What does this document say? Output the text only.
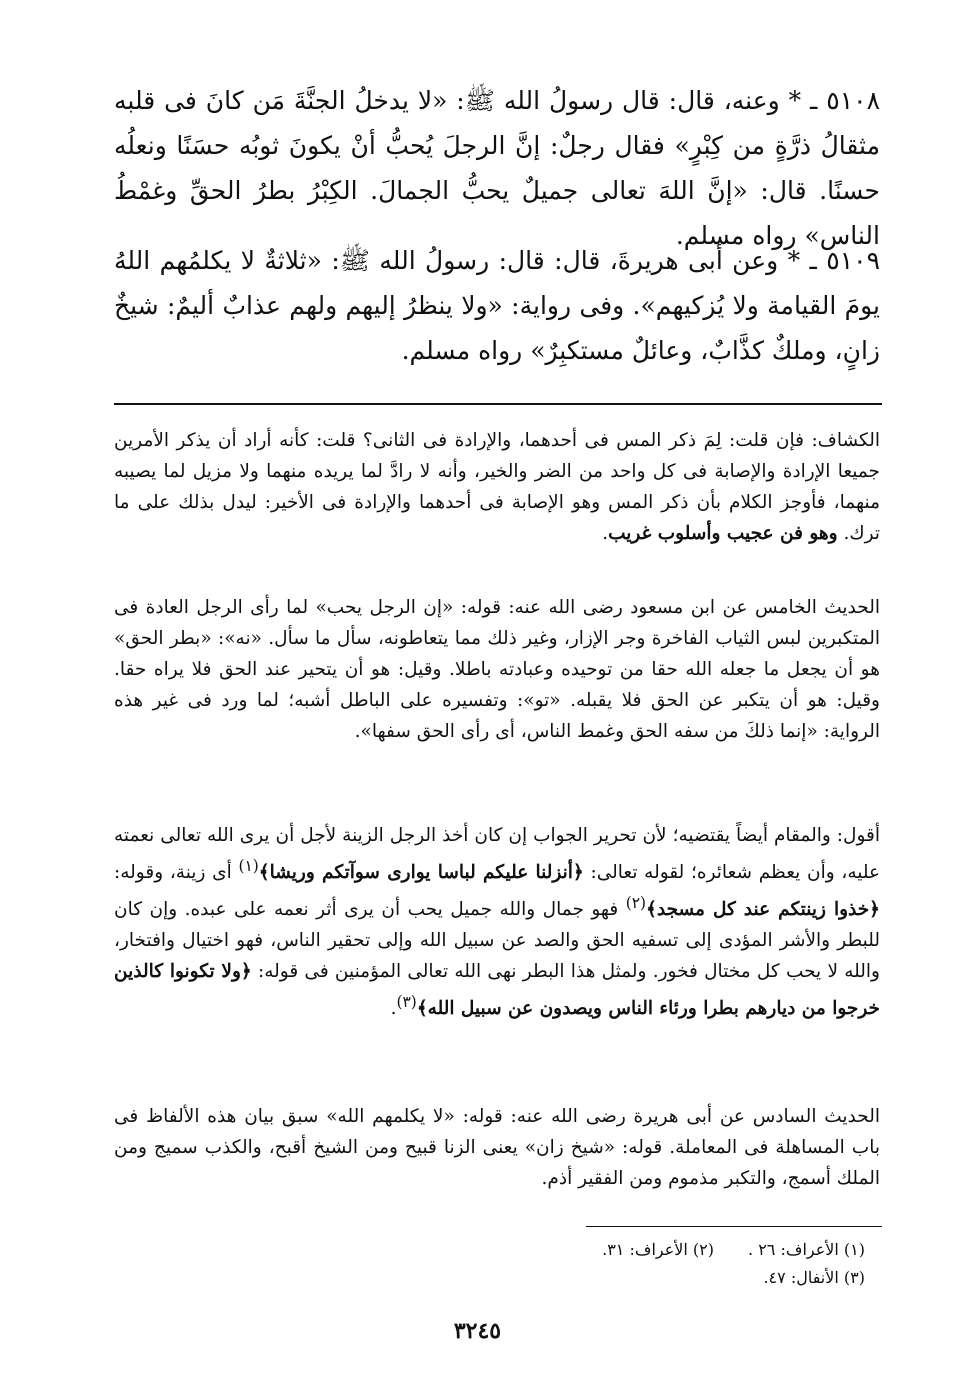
٥١٠٨ ـ * وعنه، قال: قال رسولُ الله ﷺ: «لا يدخلُ الجنَّةَ مَن كانَ فى قلبه مثقالُ ذرَّةٍ من كِبْرٍ» فقال رجلٌ: إنَّ الرجلَ يُحبُّ أنْ يكونَ ثوبُه حسَنًا ونعلُه حسنًا. قال: «إنَّ اللهَ تعالى جميلٌ يحبُّ الجمالَ. الكِبْرُ بطرُ الحقِّ وغمْطُ الناس» رواه مسلم.

٥١٠٩ ـ * وعن أبى هريرةَ، قال: قال: رسولُ الله ﷺ: «ثلاثةٌ لا يكلمُهم اللهُ يومَ القيامة ولا يُزكيهم». وفى رواية: «ولا ينظرُ إليهم ولهم عذابٌ أليمٌ: شيخٌ زانٍ، وملكٌ كذَّابٌ، وعائلٌ مستكبِرٌ» رواه مسلم.

الكشاف: فإن قلت: لِمَ ذكر المس فى أحدهما، والإرادة فى الثانى؟ قلت: كأنه أراد أن يذكر الأمرين جميعا الإرادة والإصابة فى كل واحد من الضر والخير، وأنه لا رادَّ لما يريده منهما ولا مزيل لما يصيبه منهما، فأوجز الكلام بأن ذكر المس وهو الإصابة فى أحدهما والإرادة فى الأخير: ليدل بذلك على ما ترك. وهو فن عجيب وأسلوب غريب.

الحديث الخامس عن ابن مسعود رضى الله عنه: قوله: «إن الرجل يحب» لما رأى الرجل العادة فى المتكبرين لبس الثياب الفاخرة وجر الإزار، وغير ذلك مما يتعاطونه، سأل ما سأل. «نه»: «بطر الحق» هو أن يجعل ما جعله الله حقا من توحيده وعبادته باطلا. وقيل: هو أن يتحير عند الحق فلا يراه حقا. وقيل: هو أن يتكبر عن الحق فلا يقبله. «تو»: وتفسيره على الباطل أشبه؛ لما ورد فى غير هذه الرواية: «إنما ذلكَ من سفه الحق وغمط الناس، أى رأى الحق سفها».

أقول: والمقام أيضاً يقتضيه؛ لأن تحرير الجواب إن كان أخذ الرجل الزينة لأجل أن يرى الله تعالى نعمته عليه، وأن يعظم شعائره؛ لقوله تعالى: ﴿أنزلنا عليكم لباسا يوارى سوآتكم وريشا﴾$^{(١)}$ أى زينة، وقوله: ﴿خذوا زينتكم عند كل مسجد﴾$^{(٢)}$ فهو جمال والله جميل يحب أن يرى أثر نعمه على عبده. وإن كان للبطر والأشر المؤدى إلى تسفيه الحق والصد عن سبيل الله وإلى تحقير الناس، فهو اختيال وافتخار، والله لا يحب كل مختال فخور. ولمثل هذا البطر نهى الله تعالى المؤمنين فى قوله: ﴿ولا تكونوا كالذين خرجوا من ديارهم بطرا ورئاء الناس ويصدون عن سبيل الله﴾$^{(٣)}$.

الحديث السادس عن أبى هريرة رضى الله عنه: قوله: «لا يكلمهم الله» سبق بيان هذه الألفاظ فى باب المساهلة فى المعاملة. قوله: «شيخ زان» يعنى الزنا قبيح ومن الشيخ أقبح، والكذب سميج ومن الملك أسمج، والتكبر مذموم ومن الفقير أذم.

(١) الأعراف: ٢٦ .(٢) الأعراف: ٣١.

(٣) الأنفال: ٤٧.

٣٢٤٥
